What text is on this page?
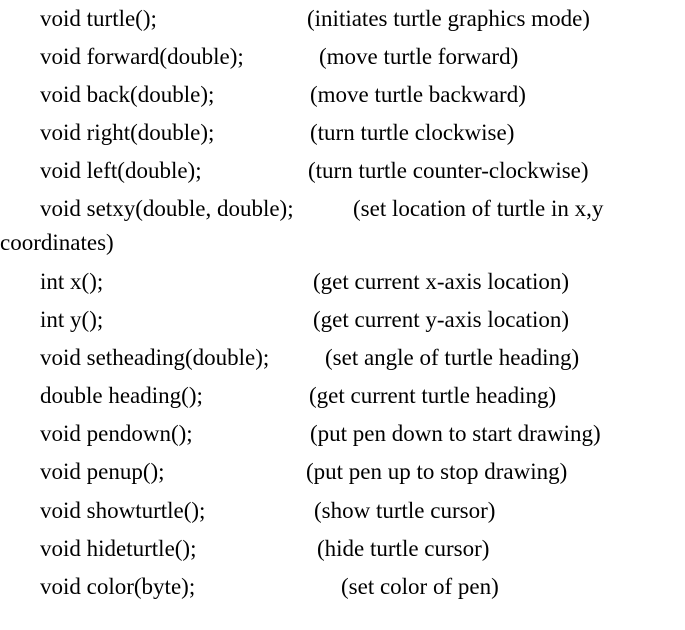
void turtle();	(initiates turtle graphics mode)
void forward(double);	(move turtle forward)
void back(double);	(move turtle backward)
void right(double);	(turn turtle clockwise)
void left(double);	(turn turtle counter-clockwise)
void setxy(double, double);	(set location of turtle in x,y
coordinates)
int x();	(get current x-axis location)
int y();	(get current y-axis location)
void setheading(double); (set angle of turtle heading)
double heading();	(get current turtle heading)
void pendown();	(put pen down to start drawing)
void penup();	(put pen up to stop drawing)
void showturtle();	(show turtle cursor)
void hideturtle();	(hide turtle cursor)
void color(byte);	(set color of pen)
